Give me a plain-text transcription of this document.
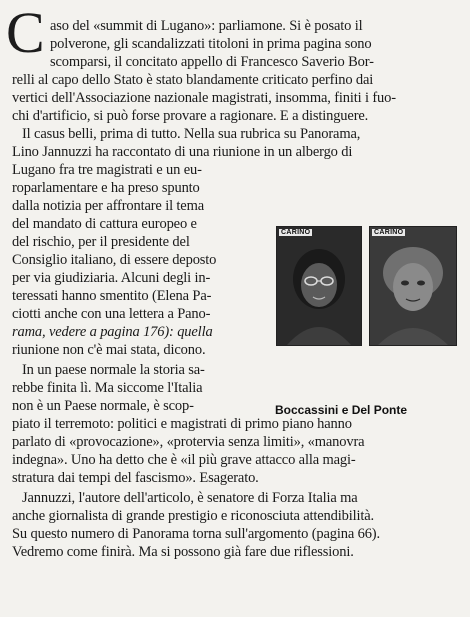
C aso del «summit di Lugano»: parliamone. Si è posato il
polverone, gli scandalizzati titoloni in prima pagina sono
scomparsi, il concitato appello di Francesco Saverio Bor-
relli al capo dello Stato è stato blandamente criticato perfino dai
vertici dell'Associazione nazionale magistrati, insomma, finiti i fuo-
chi d'artificio, si può forse provare a ragionare. E a distinguere.
Il casus belli, prima di tutto. Nella sua rubrica su Panorama,
Lino Jannuzzi ha raccontato di una riunione in un albergo di
Lugano fra tre magistrati e un eu-
roparlamentare e ha preso spunto
dalla notizia per affrontare il tema
del mandato di cattura europeo e
del rischio, per il presidente del
Consiglio italiano, di essere deposto
per via giudiziaria. Alcuni degli in-
teressati hanno smentito (Elena Pa-
ciotti anche con una lettera a Pano-
rama, vedere a pagina 176): quella
riunione non c'è mai stata, dicono.
In un paese normale la storia sa-
rebbe finita lì. Ma siccome l'Italia
non è un Paese normale, è scop-
piato il terremoto: politici e magistrati di primo piano hanno
parlato di «provocazione», «protervia senza limiti», «manovra
indegna». Uno ha detto che è «il più grave attacco alla magi-
stratura dai tempi del fascismo». Esagerato.
Jannuzzi, l'autore dell'articolo, è senatore di Forza Italia ma
anche giornalista di grande prestigio e riconosciuta attendibilità.
Su questo numero di Panorama torna sull'argomento (pagina 66).
Vedremo come finirà. Ma si possono già fare due riflessioni.
CARINO	CARINO
Boccassini e Del Ponte
